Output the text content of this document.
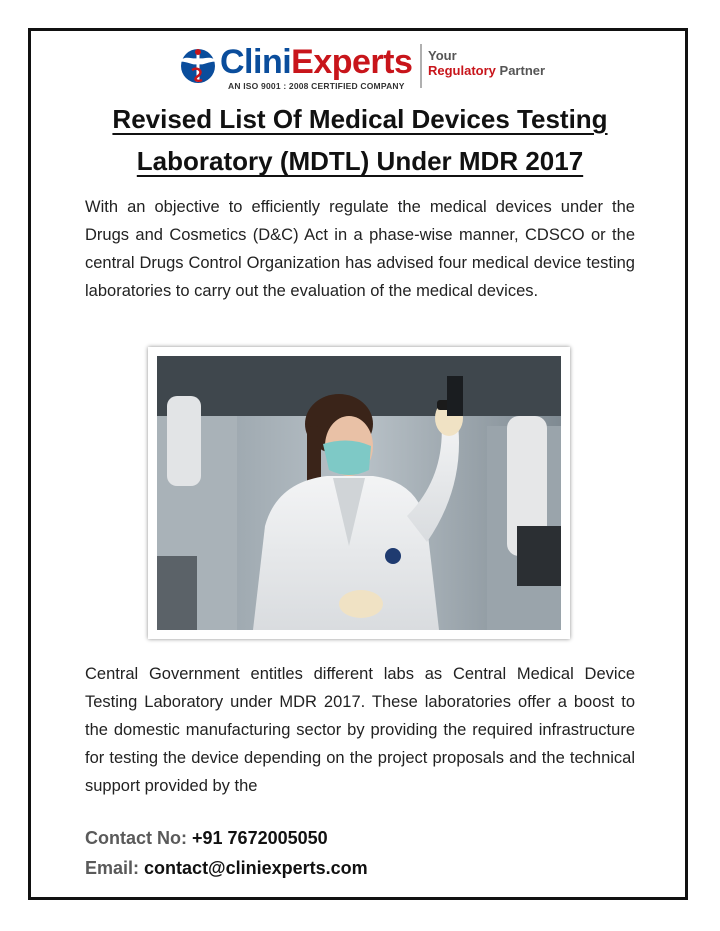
CliniExperts
AN ISO 9001 : 2008 CERTIFIED COMPANY
Your
Regulatory Partner
Revised List Of Medical Devices Testing Laboratory (MDTL) Under MDR 2017
With an objective to efficiently regulate the medical devices under the Drugs and Cosmetics (D&C) Act in a phase-wise manner, CDSCO or the central Drugs Control Organization has advised four medical device testing laboratories to carry out the evaluation of the medical devices.
Central Government entitles different labs as Central Medical Device Testing Laboratory under MDR 2017. These laboratories offer a boost to the domestic manufacturing sector by providing the required infrastructure for testing the device depending on the project proposals and the technical support provided by the
Contact No: +91 7672005050
Email: contact@cliniexperts.com
